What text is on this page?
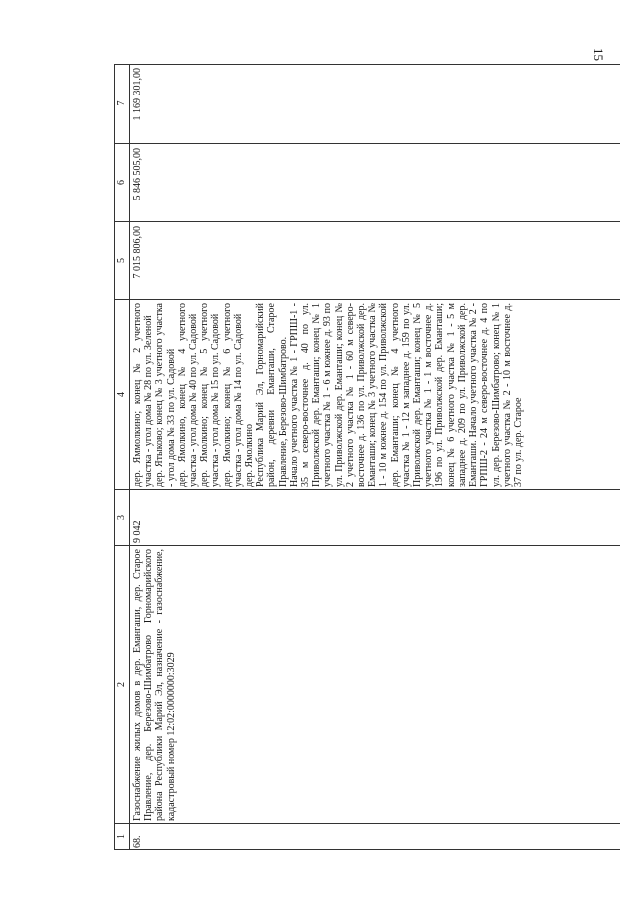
15
1
2
3
4
5
6
7
68.
Газоснабжение жилых домов в дер. Емангаши, дер. Старое Правление, дер. Березово-Шимбатрово Горномарийского района Республики Марий Эл, назначение - газоснабжение, кадастровый номер 12:02:0000000:3029
9 042
дер. Яммолкино; конец № 2 учетного участка - угол дома № 28 по ул. Зеленой
дер. Ятыково; конец № 3 учетного участка - угол дома № 33 по ул. Садовой
дер. Ямолкино, конец № 4 учетного участка - угол дома № 40 по ул. Садовой
дер. Ямолкино; конец № 5 учетного участка - угол дома № 15 по ул. Садовой
дер. Ямолкино; конец № 6 учетного участка - угол дома № 14 по ул. Садовой
дер. Ямолкино Республика Марий Эл, Горномарийский район, деревни Еманташи, Старое Правление, Березово-Шимбатрово.
Начало учетного участка № 1 - ГРПШ-1 - 35 м северо-восточнее д. 40 по ул. Приволжской дер. Еманташи; конец № 1 учетного участка № 1 - 6 м южнее д. 93 по ул. Приволжской дер. Еманташи; конец № 2 учетного участка № 1 - 60 м северо-восточнее д. 136 по ул. Приволжской дер. Еманташи; конец № 3 учетного участка № 1 - 10 м южнее д. 154 по ул. Приволжской дер. Еманташи; конец № 4 учетного участка № 1 - 12 м западнее д. 159 по ул. Приволжской дер. Еманташи; конец № 5 учетного участка № 1 - 1 м восточнее д. 196 по ул. Приволжской дер. Еманташи; конец № 6 учетного участка № 1 - 5 м западнее д. 209 по ул. Приволжской дер. Еманташи. Начало учетного участка № 2 - ГРПШ-2 - 24 м северо-восточнее д. 4 по ул. дер. Березово-Шимбатрово; конец № 1 учетного участка № 2 - 10 м восточнее д. 37 по ул. дер. Старое
7 015 806,00
5 846 505,00
1 169 301,00
